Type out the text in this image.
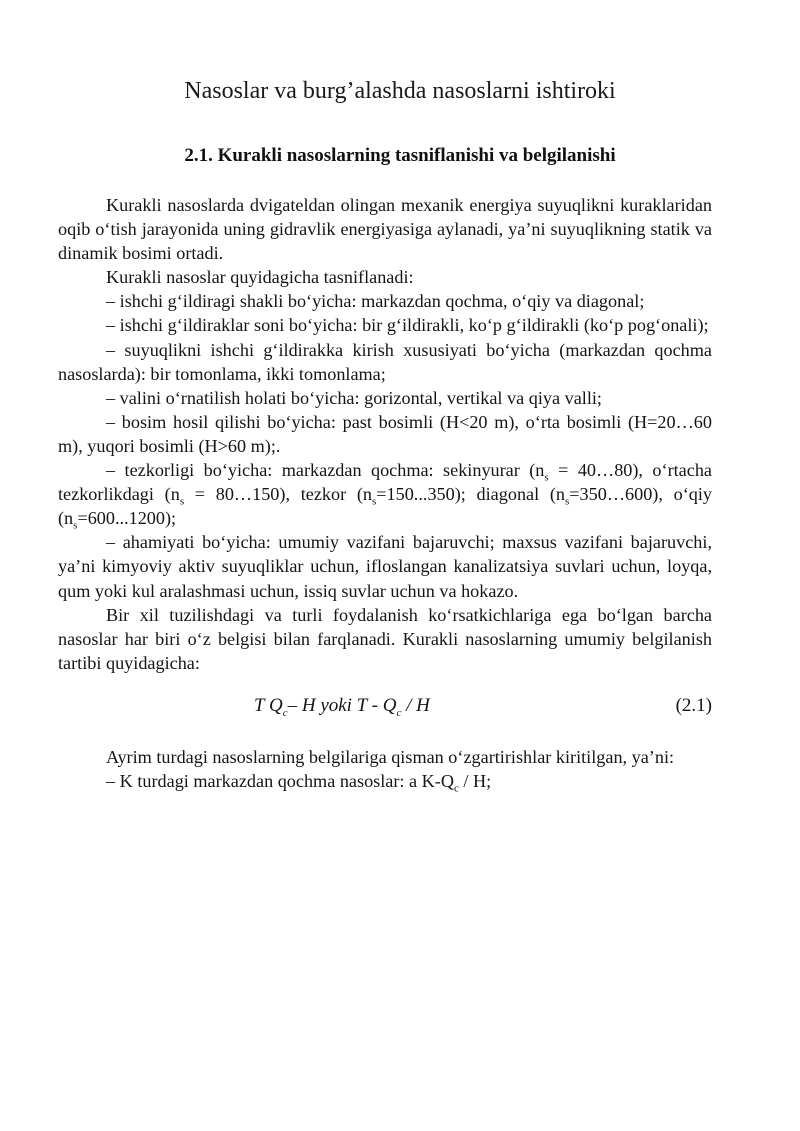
Nasoslar va burg’alashda nasoslarni ishtiroki
2.1. Kurakli nasoslarning tasniflanishi va belgilanishi

Kurakli nasoslarda dvigateldan olingan mexanik energiya suyuqlikni kuraklaridan oqib o‘tish jarayonida uning gidravlik energiyasiga aylanadi, ya’ni suyuqlikning statik va dinamik bosimi ortadi.

Kurakli nasoslar quyidagicha tasniflanadi:

– ishchi g‘ildiragi shakli bo‘yicha: markazdan qochma, o‘qiy va diagonal;

– ishchi g‘ildiraklar soni bo‘yicha: bir g‘ildirakli, ko‘p g‘ildirakli (ko‘p pog‘onali);

– suyuqlikni ishchi g‘ildirakka kirish xususiyati bo‘yicha (markazdan qochma nasoslarda): bir tomonlama, ikki tomonlama;

– valini o‘rnatilish holati bo‘yicha: gorizontal, vertikal va qiya valli;

– bosim hosil qilishi bo‘yicha: past bosimli (H<20 m), o‘rta bosimli (H=20…60 m), yuqori bosimli (H>60 m);.

– tezkorligi bo‘yicha: markazdan qochma: sekinyurar ($n_s$ = 40…80), o‘rtacha tezkorlikdagi ($n_s$ = 80…150), tezkor $(n_s=150...350)$; diagonal $(n_s=350\dots 600)$, o‘qiy $(n_s=600...1200)$;

– ahamiyati bo‘yicha: umumiy vazifani bajaruvchi; maxsus vazifani bajaruvchi, ya’ni kimyoviy aktiv suyuqliklar uchun, ifloslangan kanalizatsiya suvlari uchun, loyqa, qum yoki kul aralashmasi uchun, issiq suvlar uchun va hokazo.

Bir xil tuzilishdagi va turli foydalanish ko‘rsatkichlariga ega bo‘lgan barcha nasoslar har biri o‘z belgisi bilan farqlanadi. Kurakli nasoslarning umumiy belgilanish tartibi quyidagicha:

T $Q_c-$ H yoki T - $Q_c$ / H	(2.1)

Ayrim turdagi nasoslarning belgilariga qisman o‘zgartirishlar kiritilgan, ya’ni:

– K turdagi markazdan qochma nasoslar: a $K-Q_c$ / H;
